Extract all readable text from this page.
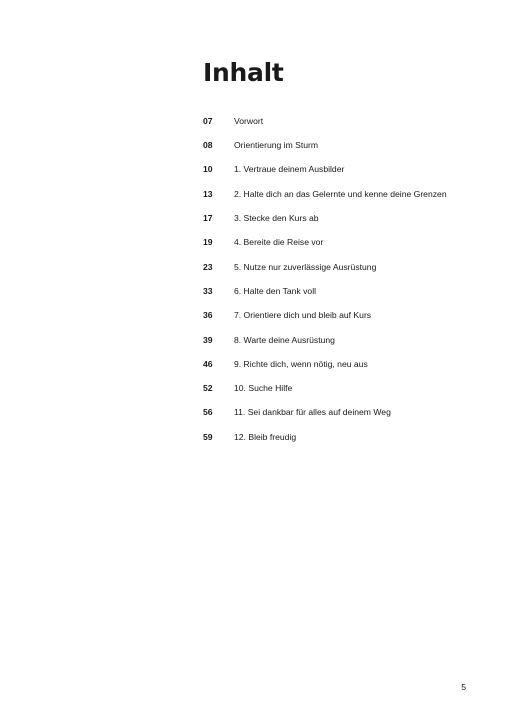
Inhalt
07	Vorwort
08	Orientierung im Sturm
10	1. Vertraue deinem Ausbilder
13	2. Halte dich an das Gelernte und kenne deine Grenzen
17	3. Stecke den Kurs ab
19	4. Bereite die Reise vor
23	5. Nutze nur zuverlässige Ausrüstung
33	6. Halte den Tank voll
36	7. Orientiere dich und bleib auf Kurs
39	8. Warte deine Ausrüstung
46	9. Richte dich, wenn nötig, neu aus
52	10. Suche Hilfe
56	11. Sei dankbar für alles auf deinem Weg
59	12. Bleib freudig
5
